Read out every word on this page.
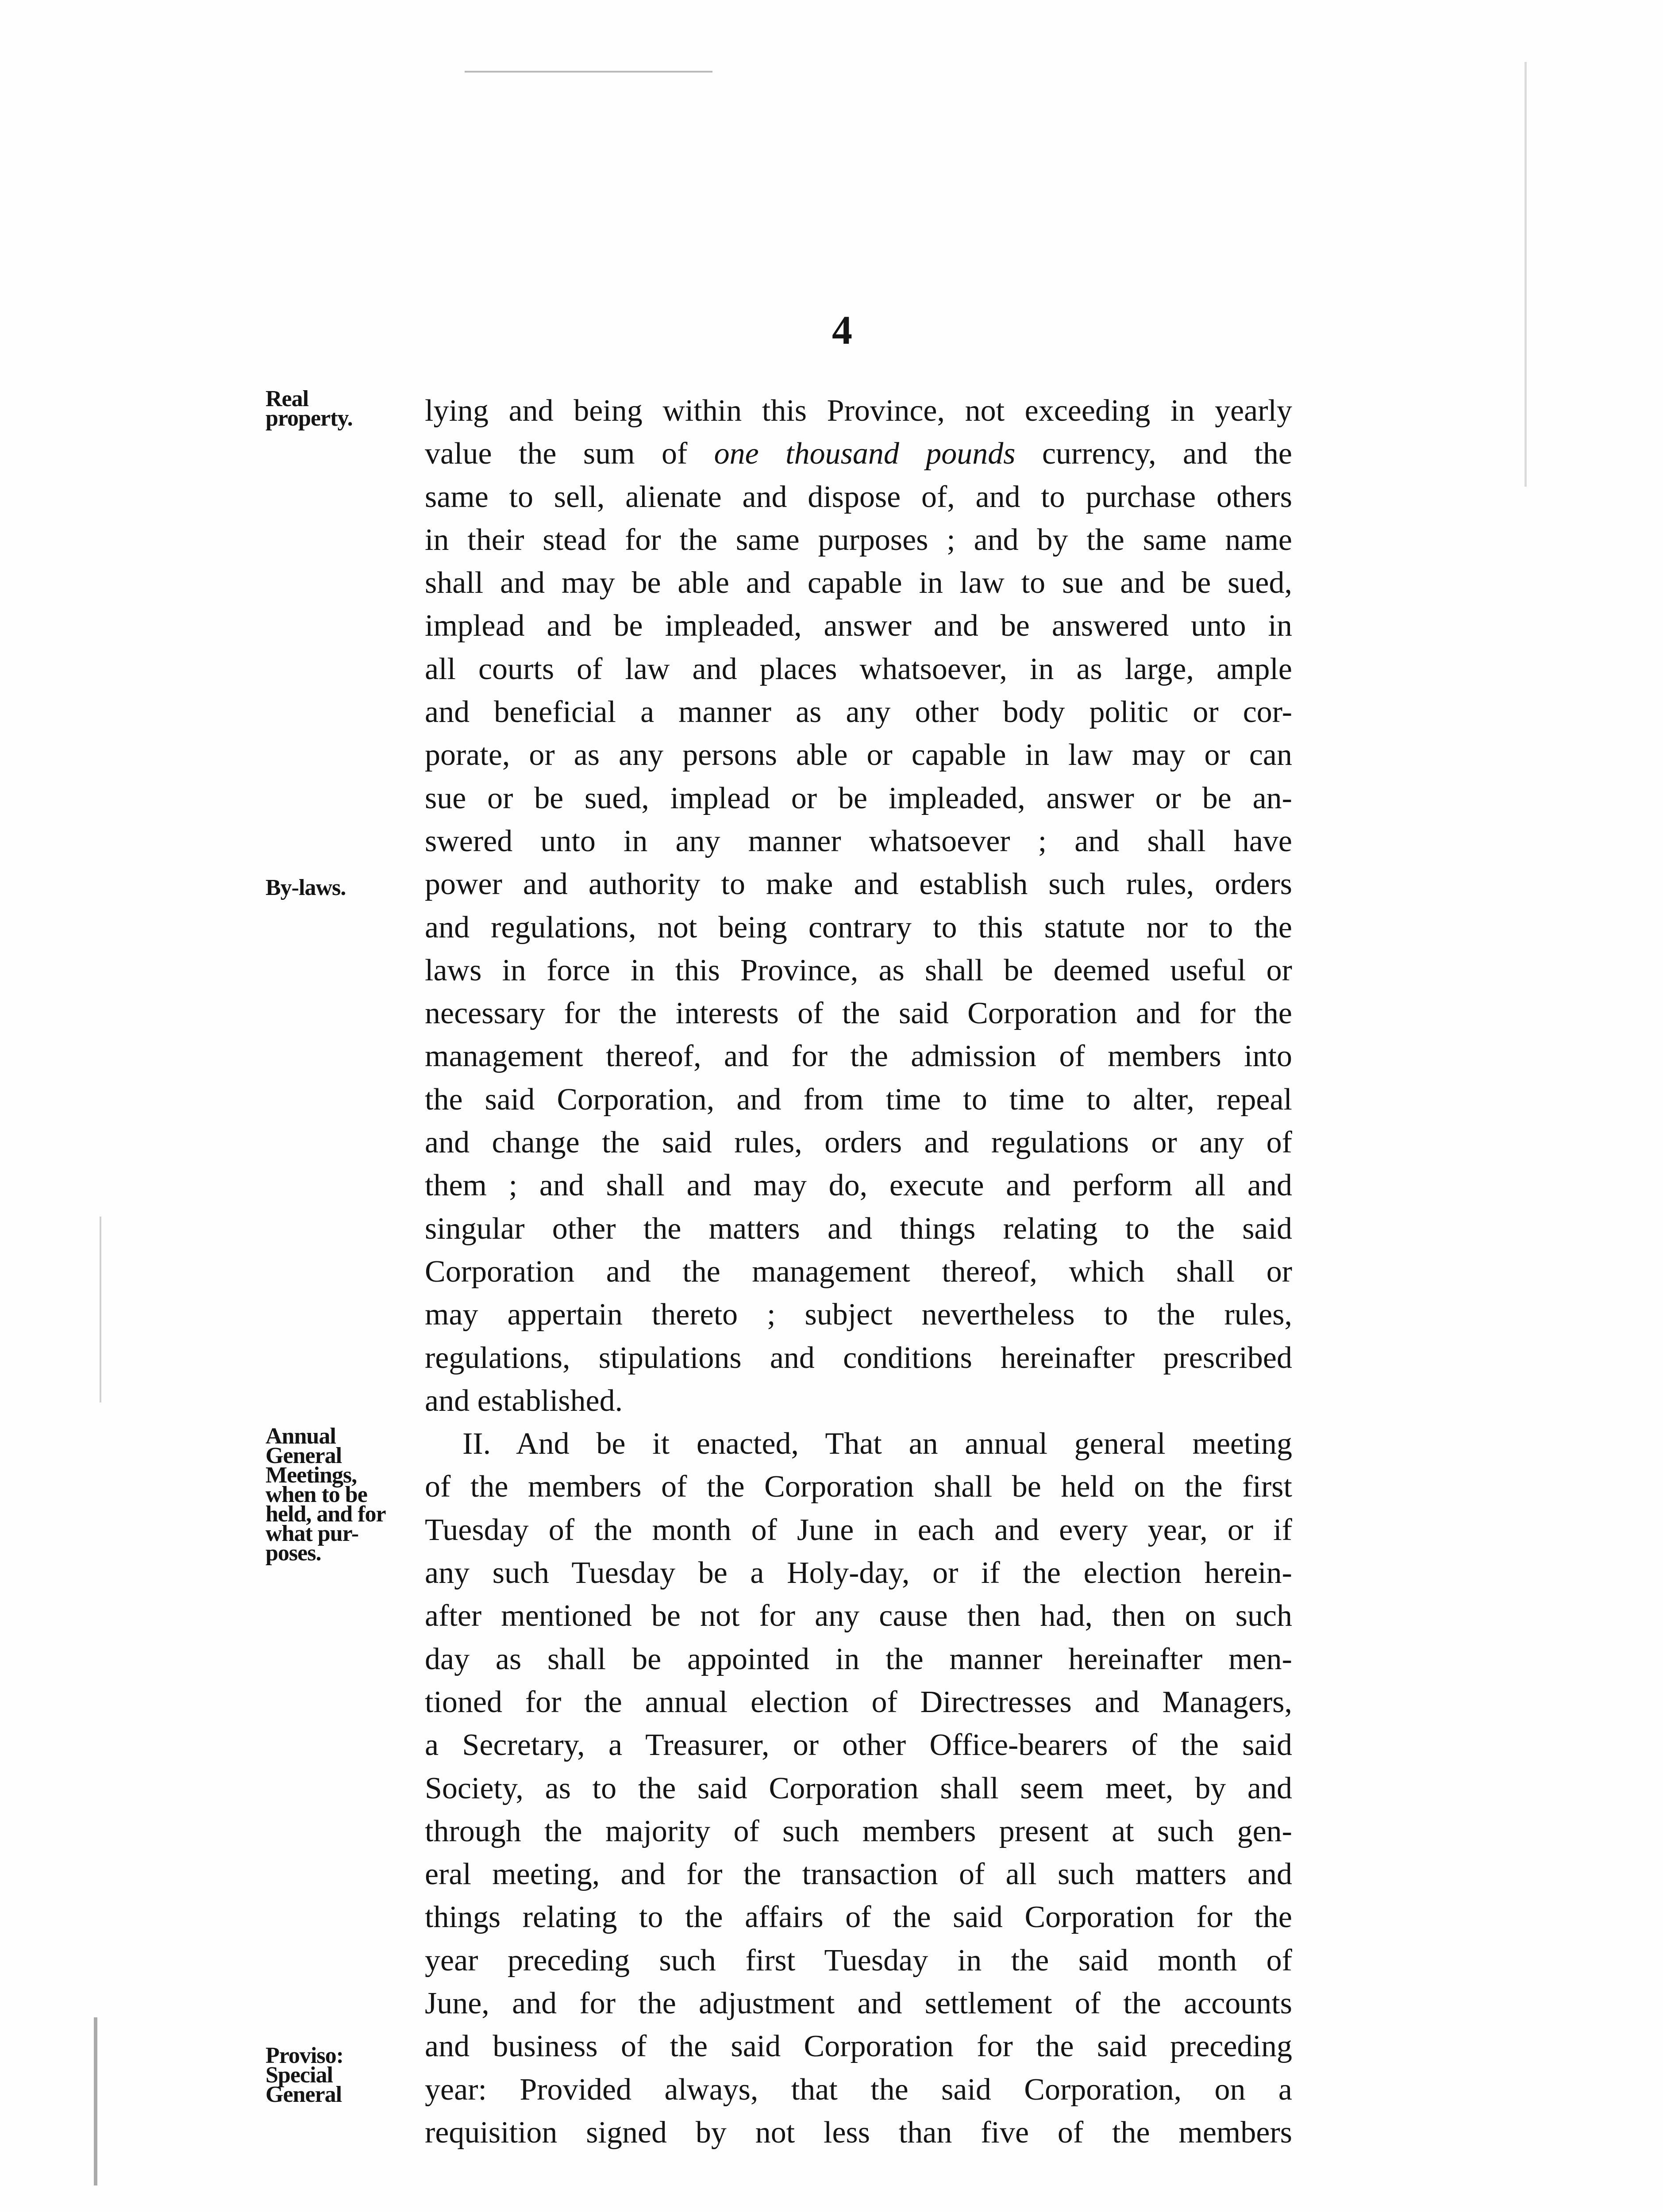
4
Real
property.
By-laws.
Annual
General
Meetings,
when to be
held, and for
what pur-
poses.
Proviso:
Special
General
lying and being within this Province, not exceeding in yearly
value the sum of one thousand pounds currency, and the
same to sell, alienate and dispose of, and to purchase others
in their stead for the same purposes ; and by the same name
shall and may be able and capable in law to sue and be sued,
implead and be impleaded, answer and be answered unto in
all courts of law and places whatsoever, in as large, ample
and beneficial a manner as any other body politic or cor-
porate, or as any persons able or capable in law may or can
sue or be sued, implead or be impleaded, answer or be an-
swered unto in any manner whatsoever ; and shall have
power and authority to make and establish such rules, orders
and regulations, not being contrary to this statute nor to the
laws in force in this Province, as shall be deemed useful or
necessary for the interests of the said Corporation and for the
management thereof, and for the admission of members into
the said Corporation, and from time to time to alter, repeal
and change the said rules, orders and regulations or any of
them ; and shall and may do, execute and perform all and
singular other the matters and things relating to the said
Corporation and the management thereof, which shall or
may appertain thereto ; subject nevertheless to the rules,
regulations, stipulations and conditions hereinafter prescribed
and established.
II. And be it enacted, That an annual general meeting
of the members of the Corporation shall be held on the first
Tuesday of the month of June in each and every year, or if
any such Tuesday be a Holy-day, or if the election herein-
after mentioned be not for any cause then had, then on such
day as shall be appointed in the manner hereinafter men-
tioned for the annual election of Directresses and Managers,
a Secretary, a Treasurer, or other Office-bearers of the said
Society, as to the said Corporation shall seem meet, by and
through the majority of such members present at such gen-
eral meeting, and for the transaction of all such matters and
things relating to the affairs of the said Corporation for the
year preceding such first Tuesday in the said month of
June, and for the adjustment and settlement of the accounts
and business of the said Corporation for the said preceding
year: Provided always, that the said Corporation, on a
requisition signed by not less than five of the members
